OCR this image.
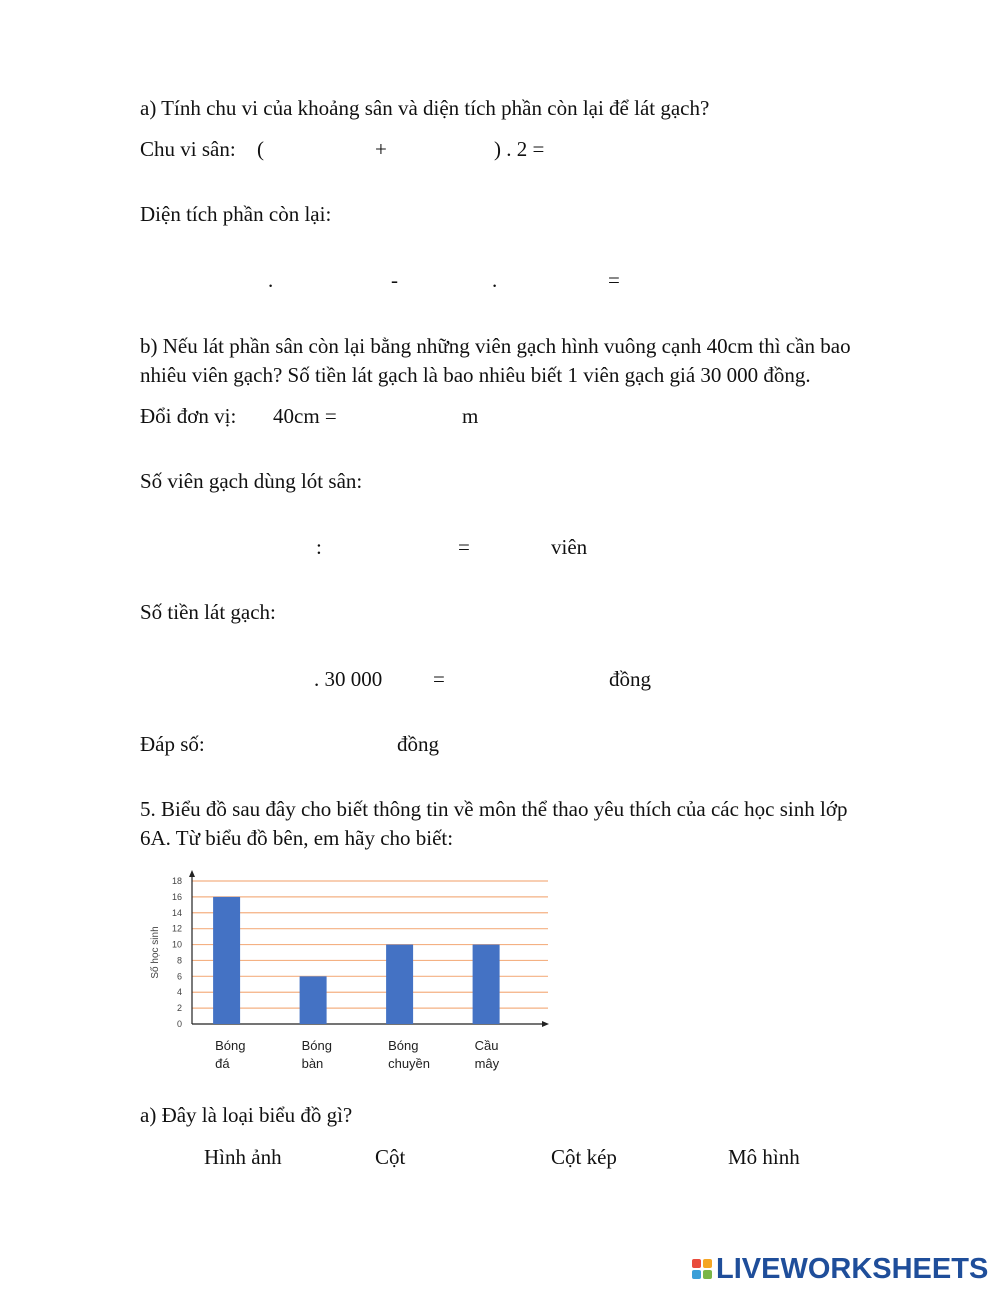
a) Tính chu vi của khoảng sân và diện tích phần còn lại để lát gạch?
Chu vi sân: (	+	) . 2 =
Diện tích phần còn lại:
.	-	.	=
b) Nếu lát phần sân còn lại bằng những viên gạch hình vuông cạnh 40cm thì cần bao
nhiêu viên gạch? Số tiền lát gạch là bao nhiêu biết 1 viên gạch giá 30 000 đồng.
Đổi đơn vị: 40cm =	m
Số viên gạch dùng lót sân:
:	=	viên
Số tiền lát gạch:
. 30 000 =	đồng
Đáp số:	đồng
5. Biểu đồ sau đây cho biết thông tin về môn thể thao yêu thích của các học sinh lớp
6A. Từ biểu đồ bên, em hãy cho biết:
0
2
4
6
8
10
12
14
16
18
Số học sinh
Bóng
đá
Bóng
bàn
Bóng
chuyền
Cầu
mây
a) Đây là loại biểu đồ gì?
Hình ảnh	Cột	Cột kép	Mô hình
LIVEWORKSHEETS
